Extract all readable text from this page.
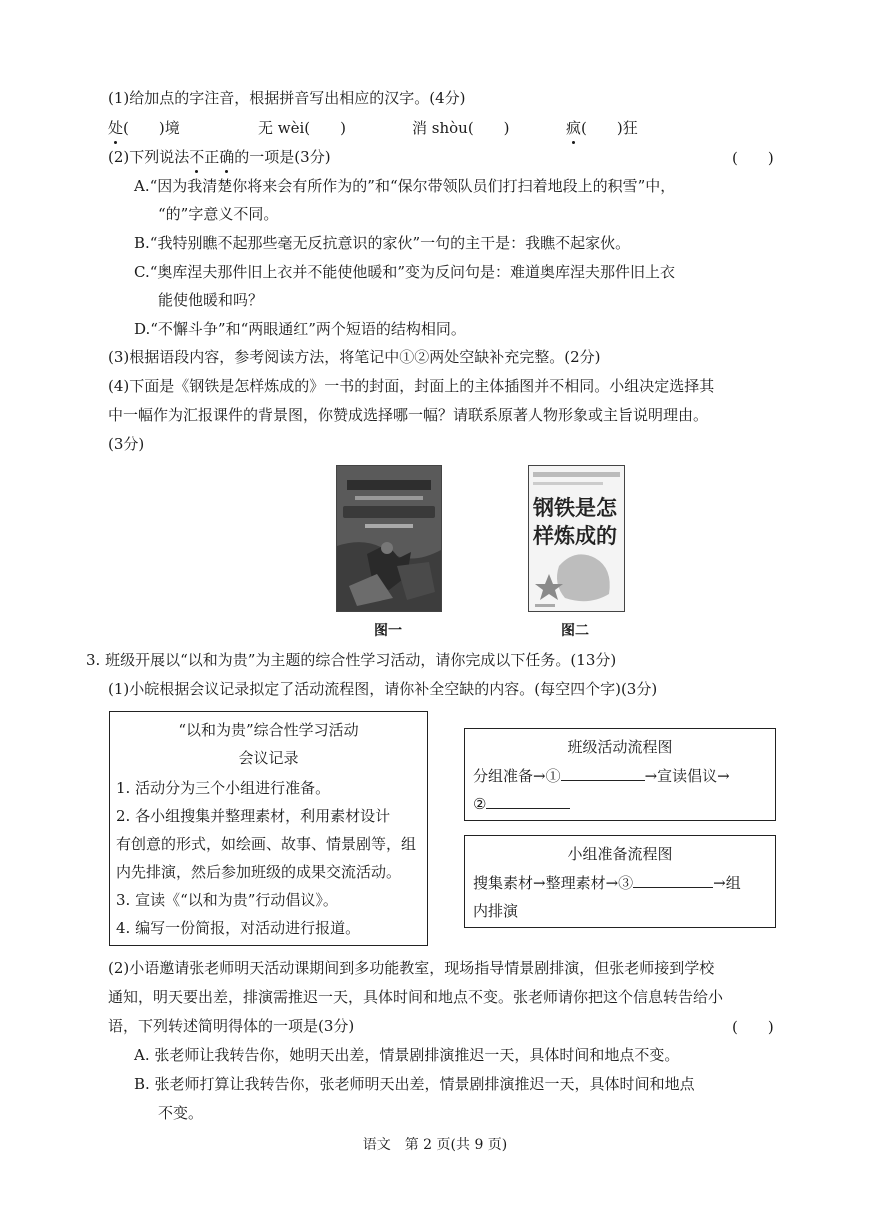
(1)给加点的字注音，根据拼音写出相应的汉字。(4分)
处(　　)境	无 wèi(　　)	消 shòu(　　)	疯(　　)狂
(2)下列说法不正确的一项是(3分)	(　　)
A.“因为我清楚你将来会有所作为的”和“保尔带领队员们打扫着地段上的积雪”中，
“的”字意义不同。
B.“我特别瞧不起那些毫无反抗意识的家伙”一句的主干是：我瞧不起家伙。
C.“奥库涅夫那件旧上衣并不能使他暖和”变为反问句是：难道奥库涅夫那件旧上衣
能使他暖和吗？
D.“不懈斗争”和“两眼通红”两个短语的结构相同。
(3)根据语段内容，参考阅读方法，将笔记中①②两处空缺补充完整。(2分)
(4)下面是《钢铁是怎样炼成的》一书的封面，封面上的主体插图并不相同。小组决定选择其
中一幅作为汇报课件的背景图，你赞成选择哪一幅？请联系原著人物形象或主旨说明理由。
(3分)
钢铁是怎样炼成的
图一	图二
3. 班级开展以“以和为贵”为主题的综合性学习活动，请你完成以下任务。(13分)
(1)小皖根据会议记录拟定了活动流程图，请你补全空缺的内容。(每空四个字)(3分)
“以和为贵”综合性学习活动
会议记录
1. 活动分为三个小组进行准备。
2. 各小组搜集并整理素材，利用素材设计
有创意的形式，如绘画、故事、情景剧等，组
内先排演，然后参加班级的成果交流活动。
3. 宣读《“以和为贵”行动倡议》。
4. 编写一份简报，对活动进行报道。
班级活动流程图
分组准备→①	→宣读倡议→
②
小组准备流程图
搜集素材→整理素材→③	→组
内排演
(2)小语邀请张老师明天活动课期间到多功能教室，现场指导情景剧排演，但张老师接到学校
通知，明天要出差，排演需推迟一天，具体时间和地点不变。张老师请你把这个信息转告给小
语，下列转述简明得体的一项是(3分)	(　　)
A. 张老师让我转告你，她明天出差，情景剧排演推迟一天，具体时间和地点不变。
B. 张老师打算让我转告你，张老师明天出差，情景剧排演推迟一天，具体时间和地点
不变。
语文　第 2 页(共 9 页)
